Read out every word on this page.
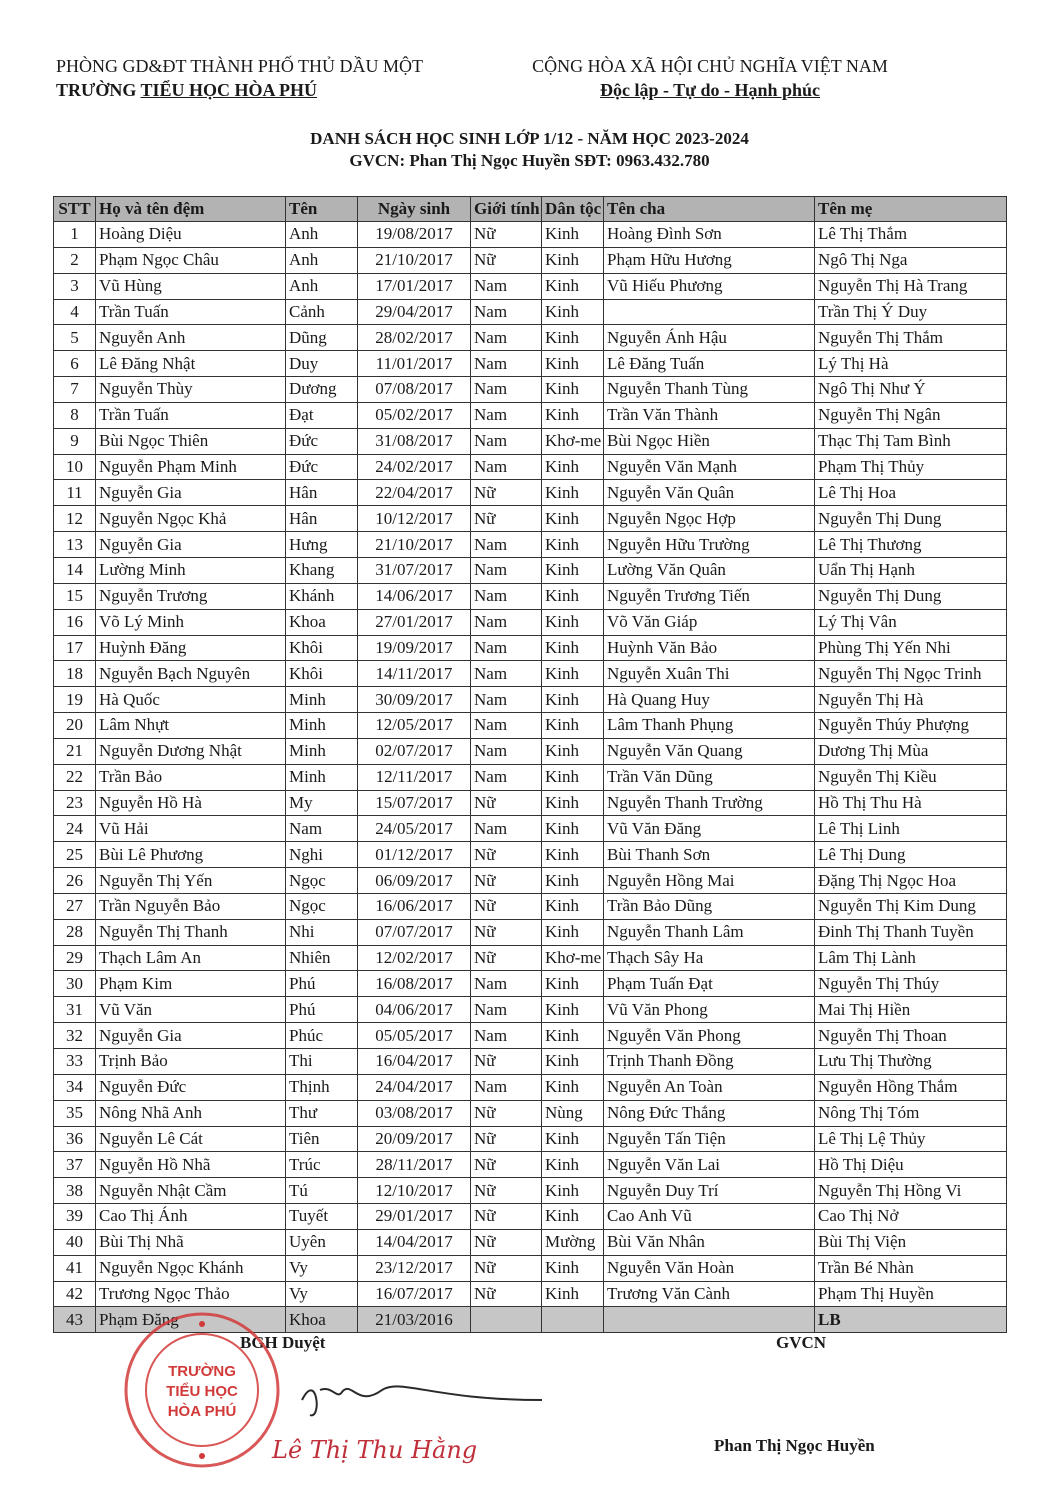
PHÒNG GD&ĐT THÀNH PHỐ THỦ DẦU MỘT
TRƯỜNG TIỂU HỌC HÒA PHÚ
CỘNG HÒA XÃ HỘI CHỦ NGHĨA VIỆT NAM
Độc lập - Tự do - Hạnh phúc
DANH SÁCH HỌC SINH LỚP 1/12 - NĂM HỌC 2023-2024
GVCN: Phan Thị Ngọc Huyền SĐT: 0963.432.780
STT	Họ và tên đệm	Tên	Ngày sinh	Giới tính	Dân tộc	Tên cha	Tên mẹ
1	Hoàng Diệu	Anh	19/08/2017	Nữ	Kinh	Hoàng Đình Sơn	Lê Thị Thắm
2	Phạm Ngọc Châu	Anh	21/10/2017	Nữ	Kinh	Phạm Hữu Hương	Ngô Thị Nga
3	Vũ Hùng	Anh	17/01/2017	Nam	Kinh	Vũ Hiếu Phương	Nguyễn Thị Hà Trang
4	Trần Tuấn	Cảnh	29/04/2017	Nam	Kinh		Trần Thị Ý Duy
5	Nguyễn Anh	Dũng	28/02/2017	Nam	Kinh	Nguyễn Ánh Hậu	Nguyễn Thị Thắm
6	Lê Đăng Nhật	Duy	11/01/2017	Nam	Kinh	Lê Đăng Tuấn	Lý Thị Hà
7	Nguyễn Thùy	Dương	07/08/2017	Nam	Kinh	Nguyễn Thanh Tùng	Ngô Thị Như Ý
8	Trần Tuấn	Đạt	05/02/2017	Nam	Kinh	Trần Văn Thành	Nguyễn Thị Ngân
9	Bùi Ngọc Thiên	Đức	31/08/2017	Nam	Khơ-me	Bùi Ngọc Hiền	Thạc Thị Tam Bình
10	Nguyễn Phạm Minh	Đức	24/02/2017	Nam	Kinh	Nguyễn Văn Mạnh	Phạm Thị Thủy
11	Nguyễn Gia	Hân	22/04/2017	Nữ	Kinh	Nguyễn Văn Quân	Lê Thị Hoa
12	Nguyễn Ngọc Khả	Hân	10/12/2017	Nữ	Kinh	Nguyễn Ngọc Hợp	Nguyễn Thị Dung
13	Nguyễn Gia	Hưng	21/10/2017	Nam	Kinh	Nguyễn Hữu Trường	Lê Thị Thương
14	Lường Minh	Khang	31/07/2017	Nam	Kinh	Lường Văn Quân	Uẩn Thị Hạnh
15	Nguyễn Trương	Khánh	14/06/2017	Nam	Kinh	Nguyễn Trương Tiến	Nguyễn Thị Dung
16	Võ Lý Minh	Khoa	27/01/2017	Nam	Kinh	Võ Văn Giáp	Lý Thị Vân
17	Huỳnh Đăng	Khôi	19/09/2017	Nam	Kinh	Huỳnh Văn Bảo	Phùng Thị Yến Nhi
18	Nguyễn Bạch Nguyên	Khôi	14/11/2017	Nam	Kinh	Nguyễn Xuân Thi	Nguyễn Thị Ngọc Trinh
19	Hà Quốc	Minh	30/09/2017	Nam	Kinh	Hà Quang Huy	Nguyễn Thị Hà
20	Lâm Nhựt	Minh	12/05/2017	Nam	Kinh	Lâm Thanh Phụng	Nguyễn Thúy Phượng
21	Nguyễn Dương Nhật	Minh	02/07/2017	Nam	Kinh	Nguyễn Văn Quang	Dương Thị Mùa
22	Trần Bảo	Minh	12/11/2017	Nam	Kinh	Trần Văn Dũng	Nguyễn Thị Kiều
23	Nguyễn Hồ Hà	My	15/07/2017	Nữ	Kinh	Nguyễn Thanh Trường	Hồ Thị Thu Hà
24	Vũ Hải	Nam	24/05/2017	Nam	Kinh	Vũ Văn Đăng	Lê Thị Linh
25	Bùi Lê Phương	Nghi	01/12/2017	Nữ	Kinh	Bùi Thanh Sơn	Lê Thị Dung
26	Nguyễn Thị Yến	Ngọc	06/09/2017	Nữ	Kinh	Nguyễn Hồng Mai	Đặng Thị Ngọc Hoa
27	Trần Nguyễn Bảo	Ngọc	16/06/2017	Nữ	Kinh	Trần Bảo Dũng	Nguyễn Thị Kim Dung
28	Nguyễn Thị Thanh	Nhi	07/07/2017	Nữ	Kinh	Nguyễn Thanh Lâm	Đinh Thị Thanh Tuyền
29	Thạch Lâm An	Nhiên	12/02/2017	Nữ	Khơ-me	Thạch Sây Ha	Lâm Thị Lành
30	Phạm Kim	Phú	16/08/2017	Nam	Kinh	Phạm Tuấn Đạt	Nguyễn Thị Thúy
31	Vũ Văn	Phú	04/06/2017	Nam	Kinh	Vũ Văn Phong	Mai Thị Hiền
32	Nguyễn Gia	Phúc	05/05/2017	Nam	Kinh	Nguyễn Văn Phong	Nguyễn Thị Thoan
33	Trịnh Bảo	Thi	16/04/2017	Nữ	Kinh	Trịnh Thanh Đồng	Lưu Thị Thường
34	Nguyễn Đức	Thịnh	24/04/2017	Nam	Kinh	Nguyễn An Toàn	Nguyễn Hồng Thắm
35	Nông Nhã Anh	Thư	03/08/2017	Nữ	Nùng	Nông Đức Thắng	Nông Thị Tóm
36	Nguyễn Lê Cát	Tiên	20/09/2017	Nữ	Kinh	Nguyễn Tấn Tiện	Lê Thị Lệ Thủy
37	Nguyễn Hồ Nhã	Trúc	28/11/2017	Nữ	Kinh	Nguyễn Văn Lai	Hồ Thị Diệu
38	Nguyễn Nhật Cầm	Tú	12/10/2017	Nữ	Kinh	Nguyễn Duy Trí	Nguyễn Thị Hồng Vi
39	Cao Thị Ánh	Tuyết	29/01/2017	Nữ	Kinh	Cao Anh Vũ	Cao Thị Nở
40	Bùi Thị Nhã	Uyên	14/04/2017	Nữ	Mường	Bùi Văn Nhân	Bùi Thị Viện
41	Nguyễn Ngọc Khánh	Vy	23/12/2017	Nữ	Kinh	Nguyễn Văn Hoàn	Trần Bé Nhàn
42	Trương Ngọc Thảo	Vy	16/07/2017	Nữ	Kinh	Trương Văn Cành	Phạm Thị Huyền
43	Phạm Đăng	Khoa	21/03/2016				LB
BGH Duyệt	GVCN
Phan Thị Ngọc Huyền
TRƯỜNG
TIỂU HỌC
HÒA PHÚ
Lê Thị Thu Hằng
